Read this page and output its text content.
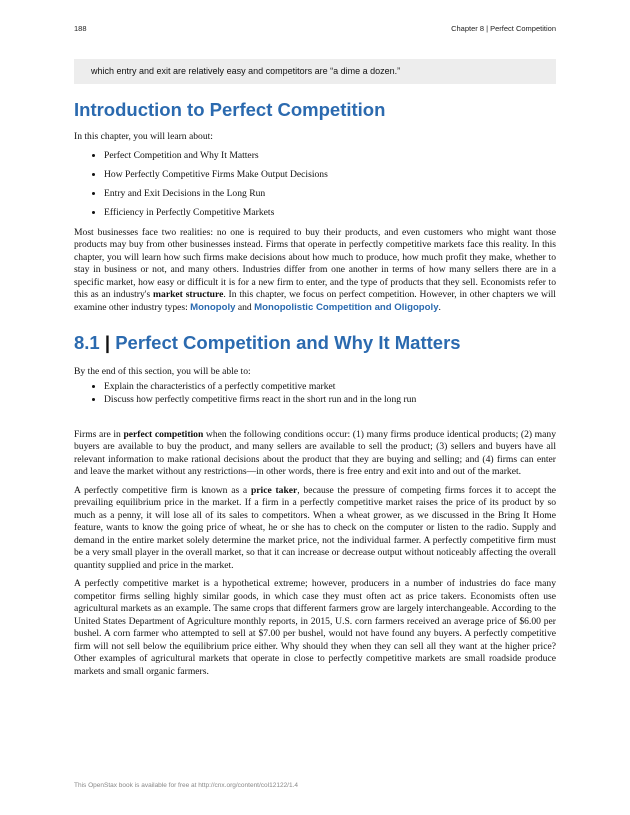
188	Chapter 8 | Perfect Competition
which entry and exit are relatively easy and competitors are “a dime a dozen.”
Introduction to Perfect Competition

In this chapter, you will learn about:

• Perfect Competition and Why It Matters
• How Perfectly Competitive Firms Make Output Decisions
• Entry and Exit Decisions in the Long Run
• Efficiency in Perfectly Competitive Markets

Most businesses face two realities: no one is required to buy their products, and even customers who might want those products may buy from other businesses instead. Firms that operate in perfectly competitive markets face this reality. In this chapter, you will learn how such firms make decisions about how much to produce, how much profit they make, whether to stay in business or not, and many others. Industries differ from one another in terms of how many sellers there are in a specific market, how easy or difficult it is for a new firm to enter, and the type of products that they sell. Economists refer to this as an industry's market structure. In this chapter, we focus on perfect competition. However, in other chapters we will examine other industry types: Monopoly and Monopolistic Competition and Oligopoly.

8.1 | Perfect Competition and Why It Matters

By the end of this section, you will be able to:

• Explain the characteristics of a perfectly competitive market
• Discuss how perfectly competitive firms react in the short run and in the long run

Firms are in perfect competition when the following conditions occur: (1) many firms produce identical products; (2) many buyers are available to buy the product, and many sellers are available to sell the product; (3) sellers and buyers have all relevant information to make rational decisions about the product that they are buying and selling; and (4) firms can enter and leave the market without any restrictions—in other words, there is free entry and exit into and out of the market.

A perfectly competitive firm is known as a price taker, because the pressure of competing firms forces it to accept the prevailing equilibrium price in the market. If a firm in a perfectly competitive market raises the price of its product by so much as a penny, it will lose all of its sales to competitors. When a wheat grower, as we discussed in the Bring It Home feature, wants to know the going price of wheat, he or she has to check on the computer or listen to the radio. Supply and demand in the entire market solely determine the market price, not the individual farmer. A perfectly competitive firm must be a very small player in the overall market, so that it can increase or decrease output without noticeably affecting the overall quantity supplied and price in the market.

A perfectly competitive market is a hypothetical extreme; however, producers in a number of industries do face many competitor firms selling highly similar goods, in which case they must often act as price takers. Economists often use agricultural markets as an example. The same crops that different farmers grow are largely interchangeable. According to the United States Department of Agriculture monthly reports, in 2015, U.S. corn farmers received an average price of $6.00 per bushel. A corn farmer who attempted to sell at $7.00 per bushel, would not have found any buyers. A perfectly competitive firm will not sell below the equilibrium price either. Why should they when they can sell all they want at the higher price? Other examples of agricultural markets that operate in close to perfectly competitive markets are small roadside produce markets and small organic farmers.

This OpenStax book is available for free at http://cnx.org/content/col12122/1.4
